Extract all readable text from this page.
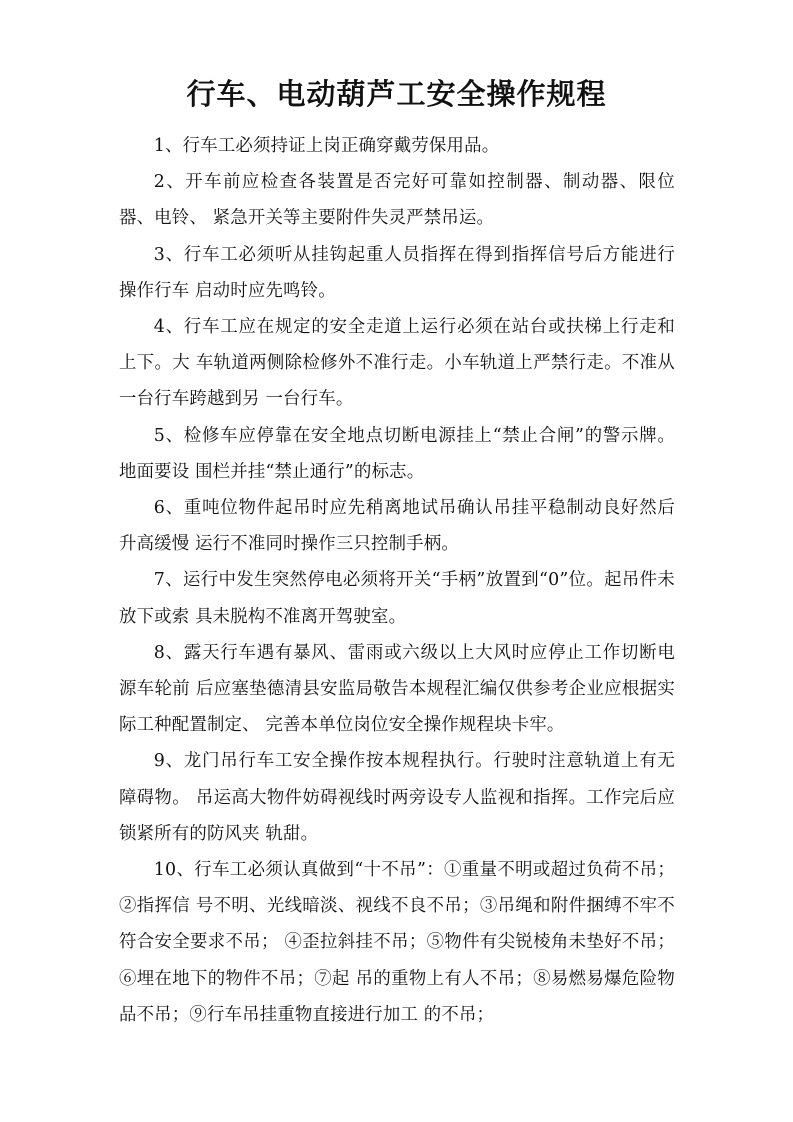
行车、电动葫芦工安全操作规程

1、行车工必须持证上岗正确穿戴劳保用品。

2、开车前应检查各装置是否完好可靠如控制器、制动器、限位器、电铃、 紧急开关等主要附件失灵严禁吊运。

3、行车工必须听从挂钩起重人员指挥在得到指挥信号后方能进行操作行车 启动时应先鸣铃。

4、行车工应在规定的安全走道上运行必须在站台或扶梯上行走和上下。大 车轨道两侧除检修外不准行走。小车轨道上严禁行走。不准从一台行车跨越到另 一台行车。

5、检修车应停靠在安全地点切断电源挂上“禁止合闸”的警示牌。地面要设 围栏并挂“禁止通行”的标志。

6、重吨位物件起吊时应先稍离地试吊确认吊挂平稳制动良好然后升高缓慢 运行不准同时操作三只控制手柄。

7、运行中发生突然停电必须将开关“手柄”放置到“0”位。起吊件未放下或索 具未脱构不准离开驾驶室。

8、露天行车遇有暴风、雷雨或六级以上大风时应停止工作切断电源车轮前 后应塞垫德清县安监局敬告本规程汇编仅供参考企业应根据实际工种配置制定、 完善本单位岗位安全操作规程块卡牢。

9、龙门吊行车工安全操作按本规程执行。行驶时注意轨道上有无障碍物。 吊运高大物件妨碍视线时两旁设专人监视和指挥。工作完后应锁紧所有的防风夹 轨甜。

10、行车工必须认真做到“十不吊”：①重量不明或超过负荷不吊；②指挥信 号不明、光线暗淡、视线不良不吊；③吊绳和附件捆缚不牢不符合安全要求不吊； ④歪拉斜挂不吊；⑤物件有尖锐棱角未垫好不吊；⑥埋在地下的物件不吊；⑦起 吊的重物上有人不吊；⑧易燃易爆危险物品不吊；⑨行车吊挂重物直接进行加工 的不吊；
